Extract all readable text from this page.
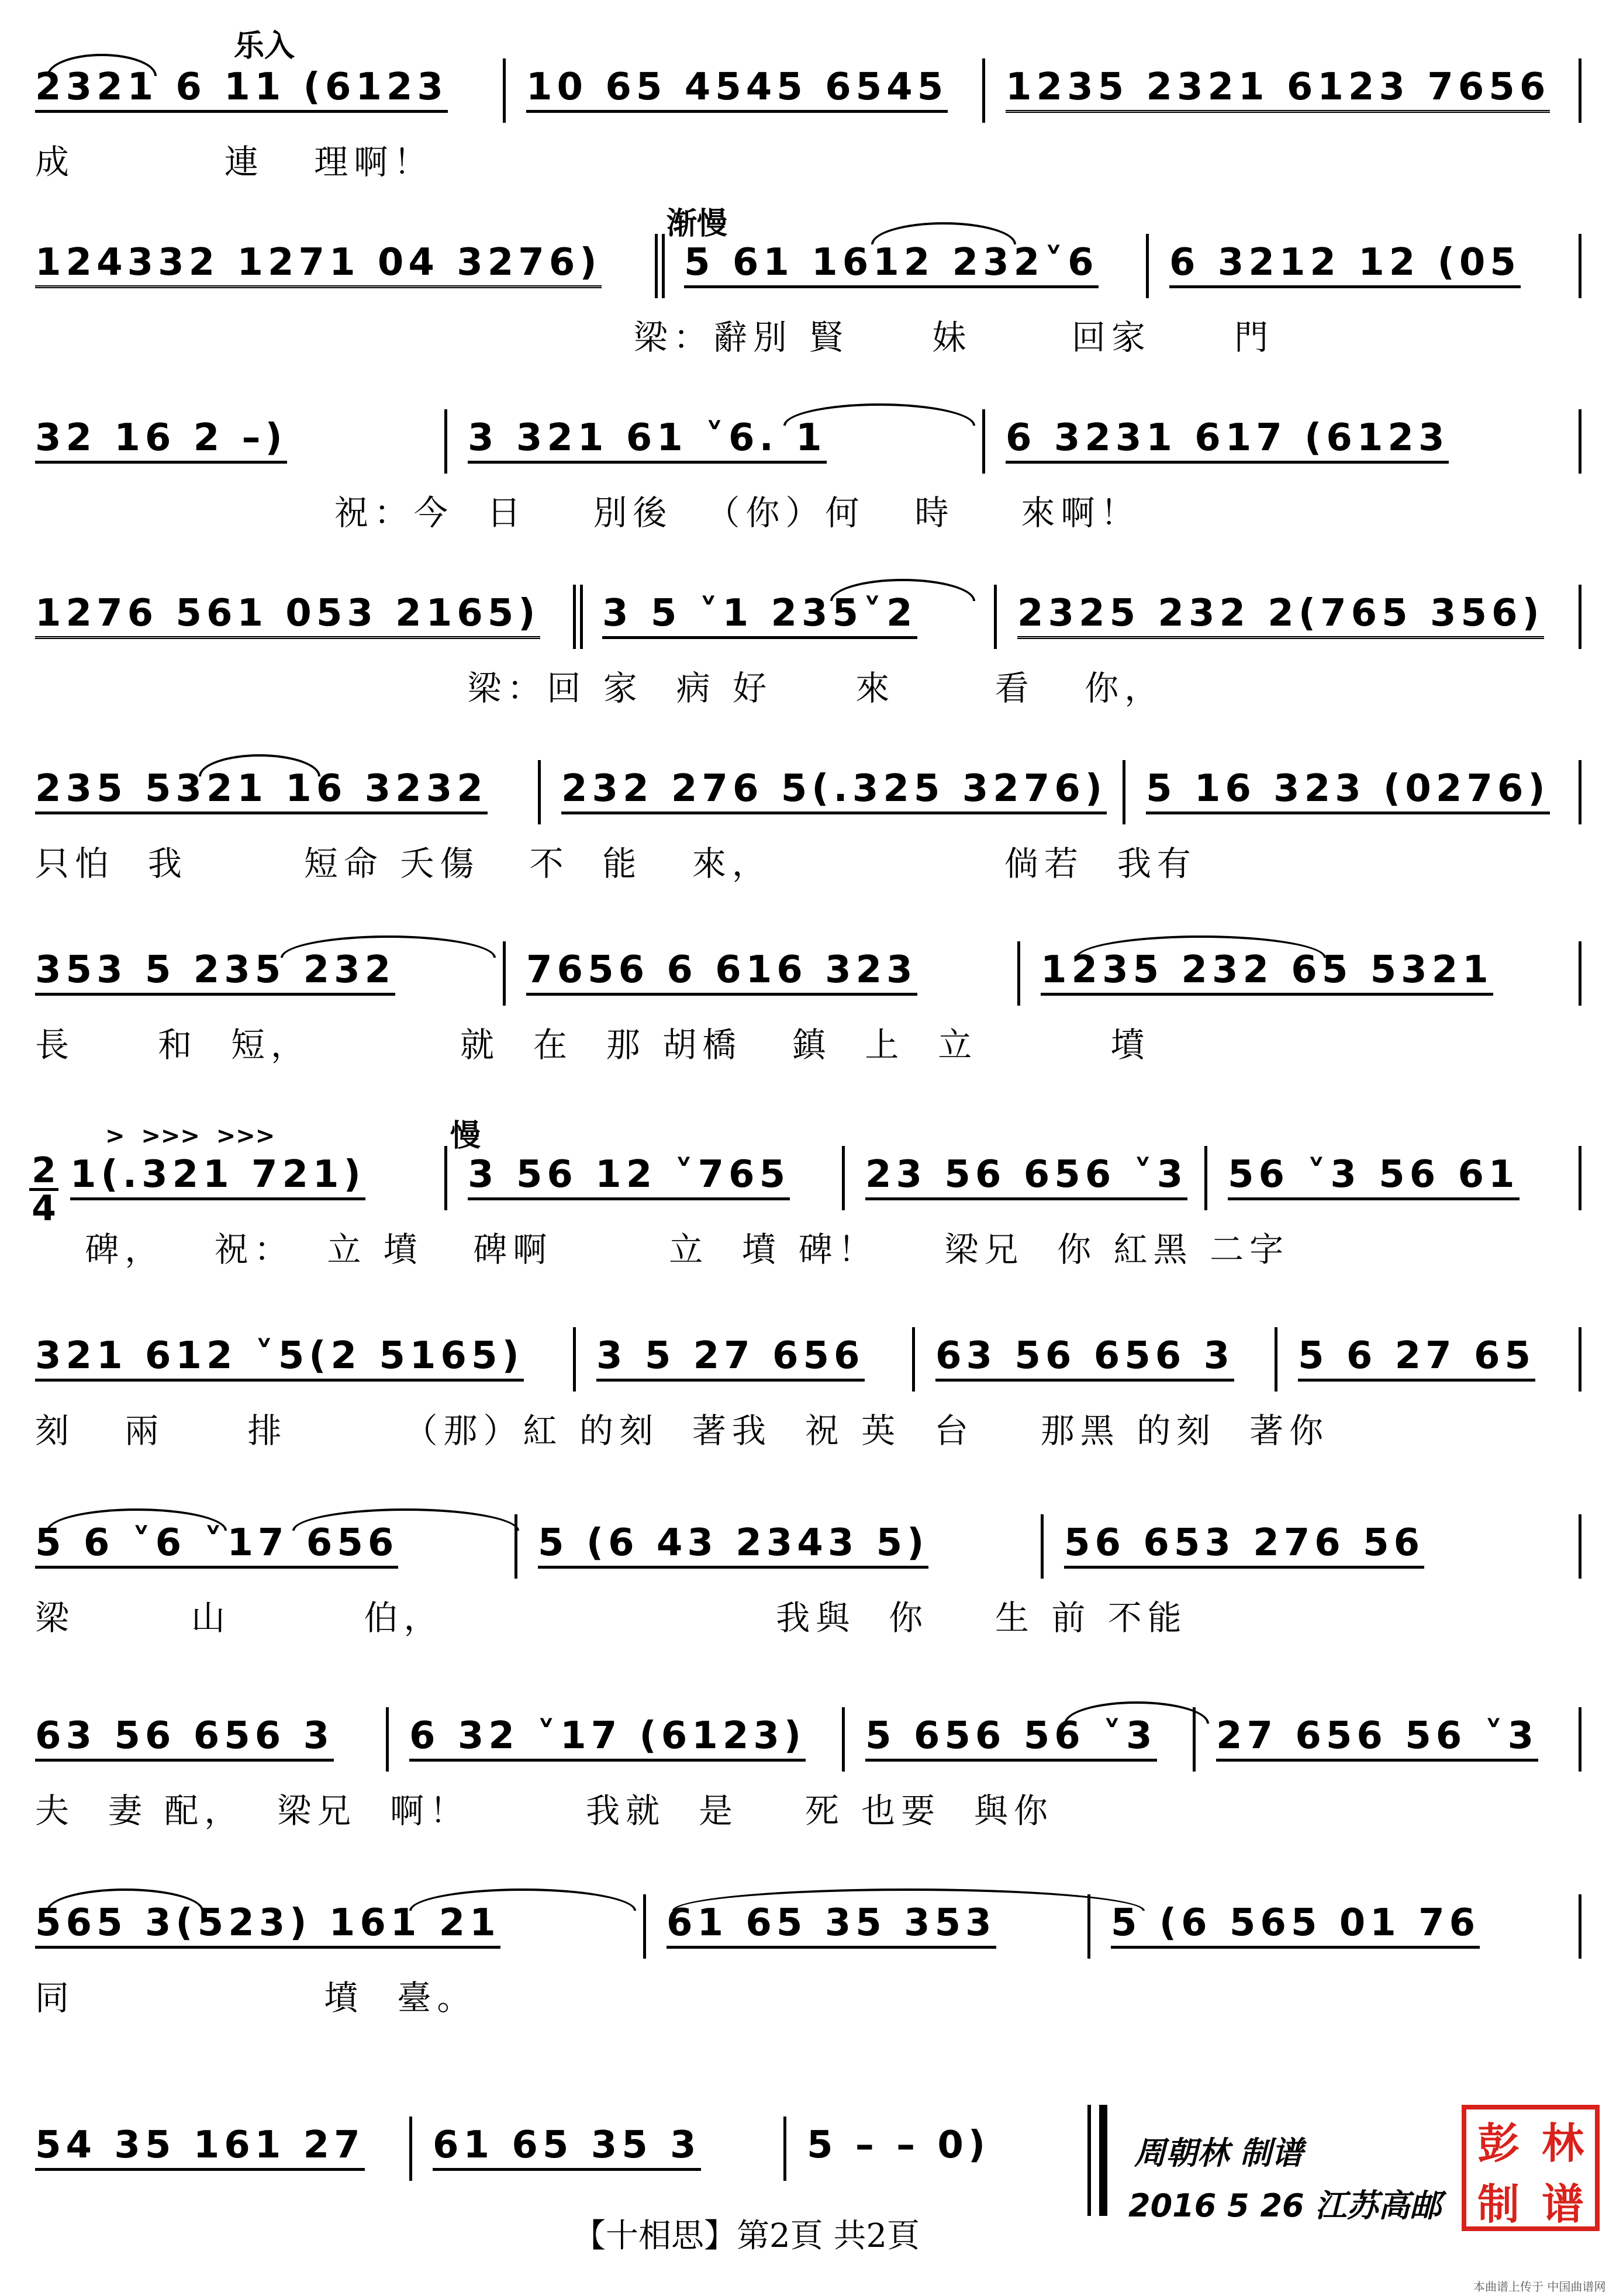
乐入
2321 6 11 (6123 10 65 4545 6545 1235 2321 6123 7656
成         連   理啊！
渐慢
124332 1271 04 3276) 5 61 1612 232˅6 6 3212 12 (05
梁：辭別 賢     妹      回家     門
32 16 2 –)	3 321 61 ˅6. 1	6 3231 617 (6123
祝：今  日    別後  （你）何   時    來啊！
1276 561 053 2165) 3 5 ˅1 235˅2	2325 232 2(765 356)
梁：回 家  病 好     來      看   你，
235 5321 16 3232 232 276 5(.325 3276) 5 16 323 (0276)
只怕  我       短命 夭傷   不  能   來，              倘若  我有
353 5 235 232	7656 6 616 323	1235 232 65 5321
長     和  短，         就  在  那 胡橋   鎮  上  立        墳
2
4
>  >>>  >>>	慢
1(.321 721)	3 56 12 ˅765 23 56 656 ˅3 56 ˅3 56 61
碑，   祝：  立 墳   碑啊       立  墳 碑！    梁兄  你 紅黑 二字
321 612 ˅5(2 5165) 3 5 27 656 63 56 656 3 5 6 27 65
刻   兩     排       （那）紅 的刻  著我  祝 英  台    那黑 的刻  著你
5 6 ˅6 ˅17 656	5 (6 43 2343 5)	56 653 276 56
梁       山        伯，                    我與  你    生 前 不能
63 56 656 3 6 32 ˅17 (6123) 5 656 56 ˅3 27 656 56 ˅3
夫  妻 配，  梁兄  啊！       我就  是    死 也要  與你
565 3(523) 161 21	61 65 35 353	5 (6 565 01 76
同               墳  臺。
54 35 161 27 61 65 35 3	5 – – 0)	周朝林 制谱
2016 5 26 江苏高邮
彭 林
制 谱
【十相思】第2頁 共2頁
本曲谱上传于 中国曲谱网
